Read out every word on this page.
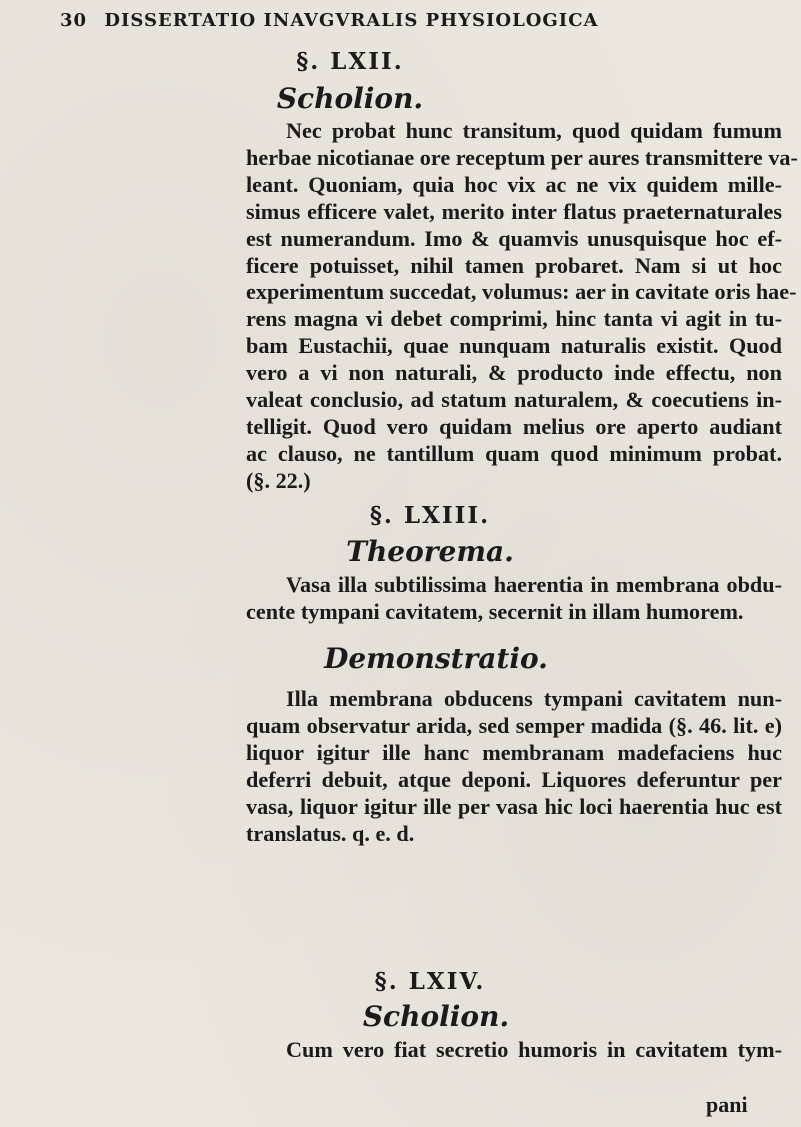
30 DISSERTATIO INAVGVRALIS PHYSIOLOGICA
§. LXII.
Scholion.
Nec probat hunc transitum, quod quidam fumum
herbae nicotianae ore receptum per aures transmittere va-
leant. Quoniam, quia hoc vix ac ne vix quidem mille-
simus efficere valet, merito inter flatus praeternaturales
est numerandum. Imo & quamvis unusquisque hoc ef-
ficere potuisset, nihil tamen probaret. Nam si ut hoc
experimentum succedat, volumus: aer in cavitate oris hae-
rens magna vi debet comprimi, hinc tanta vi agit in tu-
bam Eustachii, quae nunquam naturalis existit. Quod
vero a vi non naturali, & producto inde effectu, non
valeat conclusio, ad statum naturalem, & coecutiens in-
telligit. Quod vero quidam melius ore aperto audiant
ac clauso, ne tantillum quam quod minimum probat.
(§. 22.)
§. LXIII.
Theorema.
Vasa illa subtilissima haerentia in membrana obdu-
cente tympani cavitatem, secernit in illam humorem.
Demonstratio.
Illa membrana obducens tympani cavitatem nun-
quam observatur arida, sed semper madida (§. 46. lit. e)
liquor igitur ille hanc membranam madefaciens huc
deferri debuit, atque deponi. Liquores deferuntur per
vasa, liquor igitur ille per vasa hic loci haerentia huc est
translatus. q. e. d.
§. LXIV.
Scholion.
Cum vero fiat secretio humoris in cavitatem tym-
pani
